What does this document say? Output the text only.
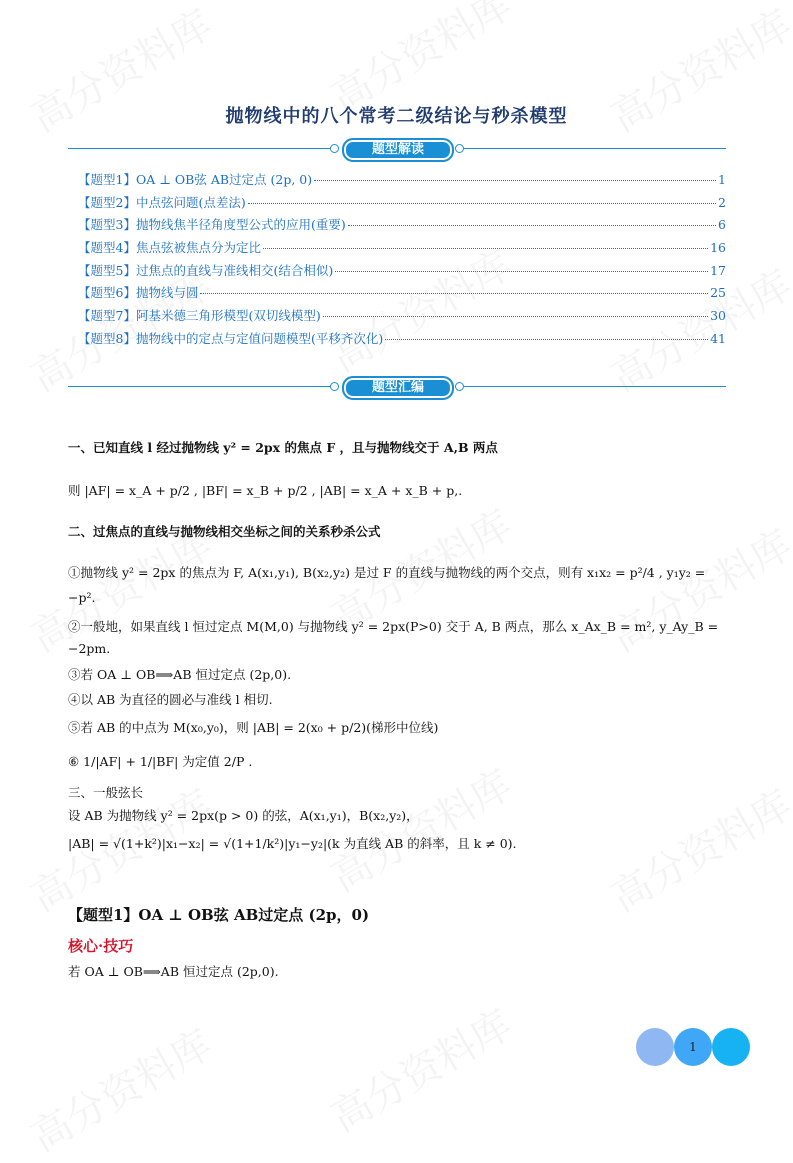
抛物线中的八个常考二级结论与秒杀模型
题型解读
【题型1】OA ⊥ OB弦 AB过定点 (2p, 0)	1
【题型2】中点弦问题(点差法)	2
【题型3】抛物线焦半径角度型公式的应用(重要)	6
【题型4】焦点弦被焦点分为定比	16
【题型5】过焦点的直线与准线相交(结合相似)	17
【题型6】抛物线与圆	25
【题型7】阿基米德三角形模型(双切线模型)	30
【题型8】抛物线中的定点与定值问题模型(平移齐次化)	41
题型汇编
一、已知直线 l 经过抛物线 y² = 2px 的焦点 F ，且与抛物线交于 A,B 两点
则 |AF| = x_A + p/2 , |BF| = x_B + p/2 , |AB| = x_A + x_B + p,.
二、过焦点的直线与抛物线相交坐标之间的关系秒杀公式
①抛物线 y² = 2px 的焦点为 F, A(x₁,y₁), B(x₂,y₂) 是过 F 的直线与抛物线的两个交点，则有 x₁x₂ = p²/4 , y₁y₂ =
−p².
②一般地，如果直线 l 恒过定点 M(M,0) 与抛物线 y² = 2px(P>0) 交于 A, B 两点，那么 x_Ax_B = m², y_Ay_B =
−2pm.
③若 OA ⊥ OB⟹AB 恒过定点 (2p,0).
④以 AB 为直径的圆必与准线 l 相切.
⑤若 AB 的中点为 M(x₀,y₀)，则 |AB| = 2(x₀ + p/2)(梯形中位线)
⑥ 1/|AF| + 1/|BF| 为定值 2/P .
三、一般弦长
设 AB 为抛物线 y² = 2px(p > 0) 的弦，A(x₁,y₁)，B(x₂,y₂)，
|AB| = √(1+k²)|x₁−x₂| = √(1+1/k²)|y₁−y₂|(k 为直线 AB 的斜率，且 k ≠ 0).
【题型1】OA ⊥ OB弦 AB过定点 (2p，0)
核心·技巧
若 OA ⊥ OB⟹AB 恒过定点 (2p,0).
1
